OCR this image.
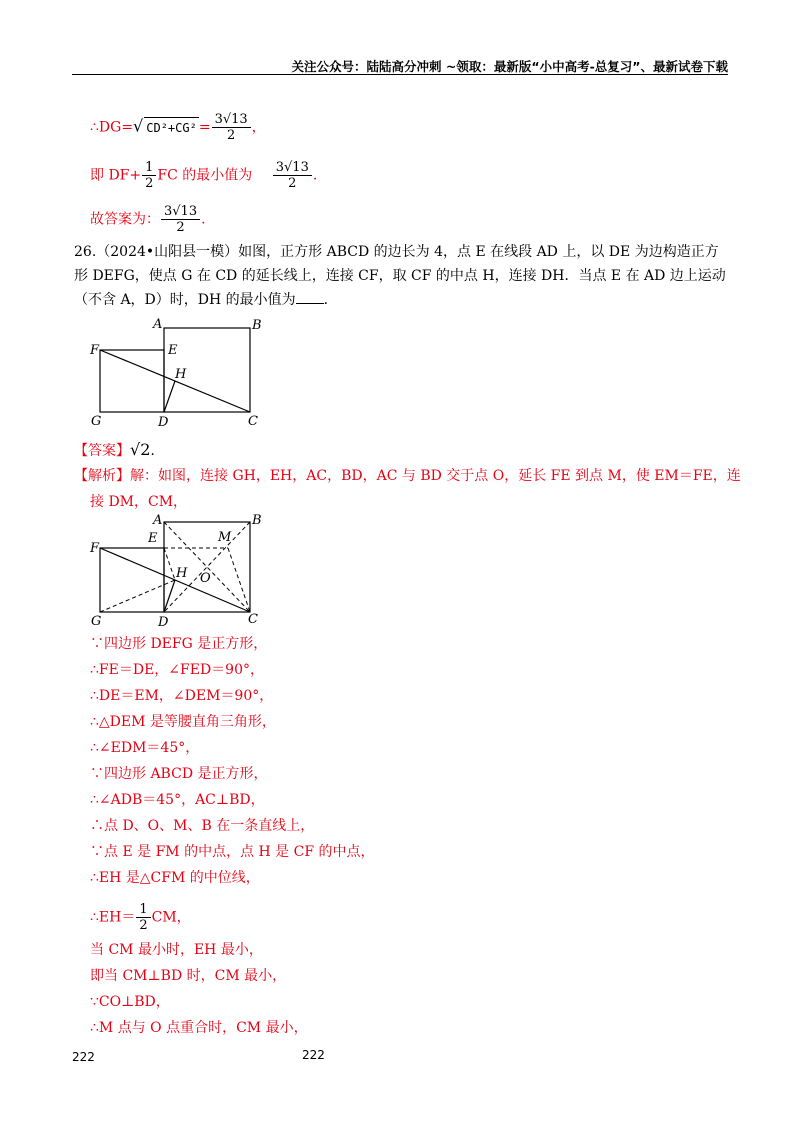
关注公众号：陆陆高分冲刺 ~领取：最新版“小中高考-总复习”、最新试卷下载
∴DG=√ $CD^2+CG^2 = \frac{3√13}{2}$ ，
即 $DF+ \frac{1}{2}$ FC 的最小值为 $\frac{3√13}{2}$ .
故答案为： $\frac{3√13}{2}$ .
26.（2024•山阳县一模）如图，正方形 ABCD 的边长为 4，点 E 在线段 AD 上，以 DE 为边构造正方形 DEFG，使点 G 在 CD 的延长线上，连接 CF，取 CF 的中点 H，连接 DH．当点 E 在 AD 边上运动（不含 A，D）时，DH 的最小值为 ．
A	B
E
F
H
G	D	C
【答案】√2.
【解析】解：如图，连接 GH，EH，AC，BD，AC 与 BD 交于点 O，延长 FE 到点 M，使 EM＝FE，连
接 DM，CM，
A	B
E	M
F
H O
G	D	C
∵四边形 DEFG 是正方形，
∴FE＝DE，∠FED＝90°，
∴DE＝EM，∠DEM＝90°，
∴△DEM 是等腰直角三角形，
∴∠EDM＝45°，
∵四边形 ABCD 是正方形，
∴∠ADB＝45°，AC⊥BD，
∴点 D、O、M、B 在一条直线上，
∵点 E 是 FM 的中点，点 H 是 CF 的中点，
∴EH 是△CFM 的中位线，
∴EH＝ $\frac{1}{2}$ CM，
当 CM 最小时，EH 最小，
即当 CM⊥BD 时，CM 最小，
∵CO⊥BD，
∴M 点与 O 点重合时，CM 最小，
222	222
